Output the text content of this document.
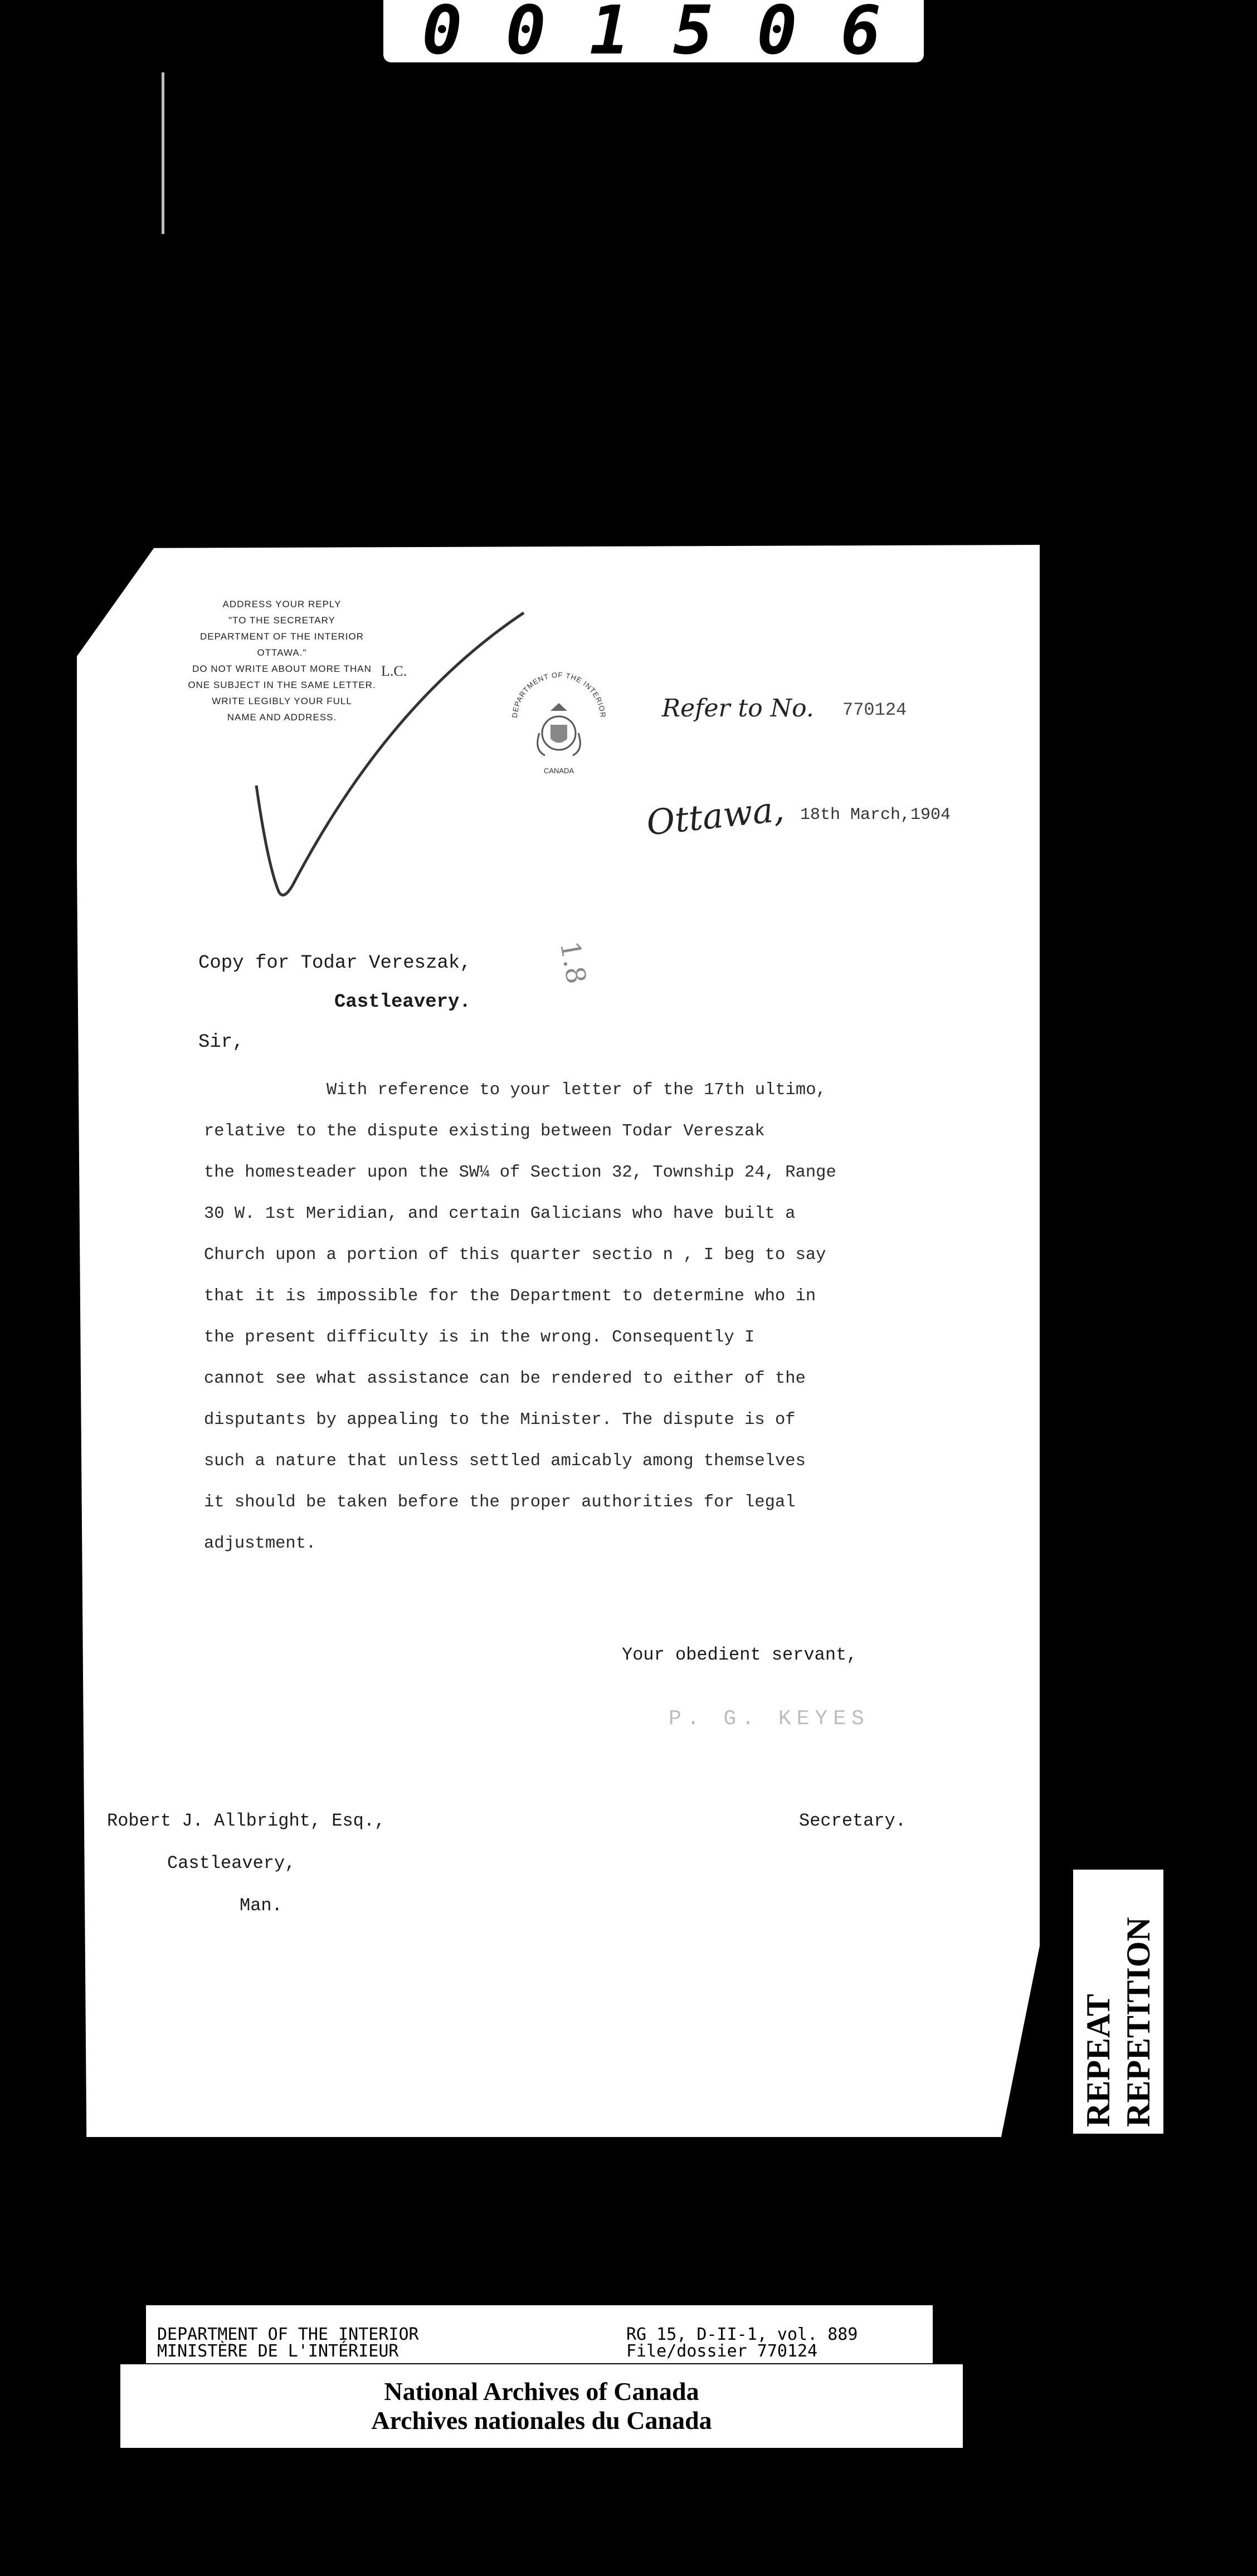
001506
ADDRESS YOUR REPLY
"TO THE SECRETARY
DEPARTMENT OF THE INTERIOR
OTTAWA."
DO NOT WRITE ABOUT MORE THAN
ONE SUBJECT IN THE SAME LETTER.
WRITE LEGIBLY YOUR FULL
NAME AND ADDRESS.
L.C.
DEPARTMENT OF THE INTERIOR
CANADA
Refer to No. 770124
Ottawa, 18th March,1904
Copy for Todar Vereszak,
Castleavery.
1.8
Sir,
With reference to your letter of the 17th ultimo,
relative to the dispute existing between Todar Vereszak
the homesteader upon the SW¼ of Section 32, Township 24, Range
30 W. 1st Meridian, and certain Galicians who have built a
Church upon a portion of this quarter sectio n , I beg to say
that it is impossible for the Department to determine who in
the present difficulty is in the wrong. Consequently I
cannot see what assistance can be rendered to either of the
disputants by appealing to the Minister. The dispute is of
such a nature that unless settled amicably among themselves
it should be taken before the proper authorities for legal
adjustment.
Your obedient servant,
P. G. KEYES
Robert J. Allbright, Esq.,	Secretary.
Castleavery,
Man.
REPEAT REPETITION
DEPARTMENT OF THE INTERIOR
MINISTÈRE DE L'INTÉRIEUR
RG 15, D-II-1, vol. 889
File/dossier 770124
National Archives of Canada
Archives nationales du Canada
